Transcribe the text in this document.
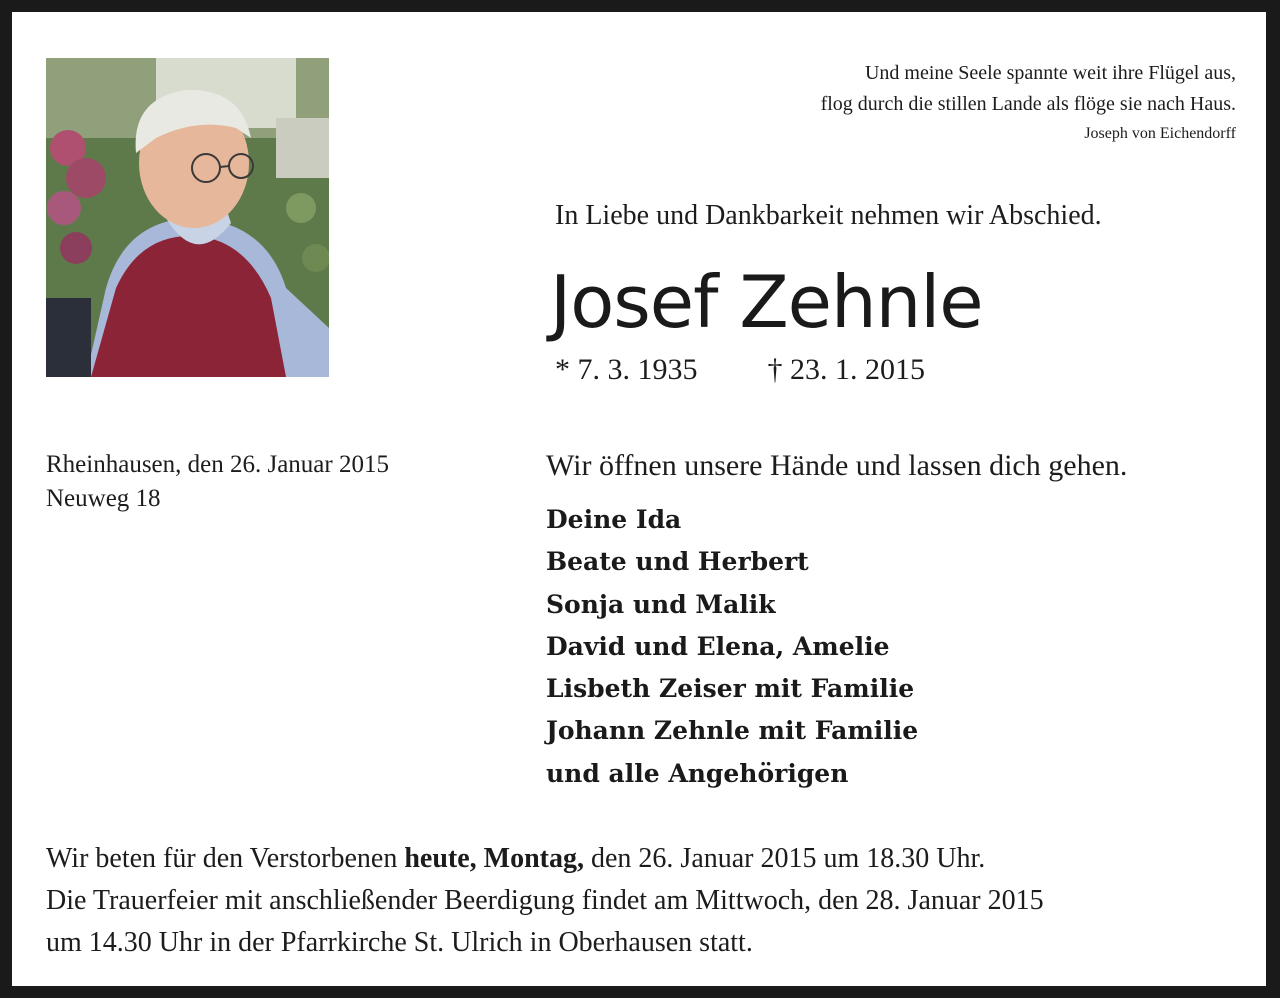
Und meine Seele spannte weit ihre Flügel aus,
flog durch die stillen Lande als flöge sie nach Haus.
Joseph von Eichendorff
In Liebe und Dankbarkeit nehmen wir Abschied.
Josef Zehnle
* 7. 3. 1935 † 23. 1. 2015
Rheinhausen, den 26. Januar 2015
Neuweg 18
Wir öffnen unsere Hände und lassen dich gehen.
Deine Ida
Beate und Herbert
Sonja und Malik
David und Elena, Amelie
Lisbeth Zeiser mit Familie
Johann Zehnle mit Familie
und alle Angehörigen
Wir beten für den Verstorbenen heute, Montag, den 26. Januar 2015 um 18.30 Uhr.
Die Trauerfeier mit anschließender Beerdigung findet am Mittwoch, den 28. Januar 2015
um 14.30 Uhr in der Pfarrkirche St. Ulrich in Oberhausen statt.
